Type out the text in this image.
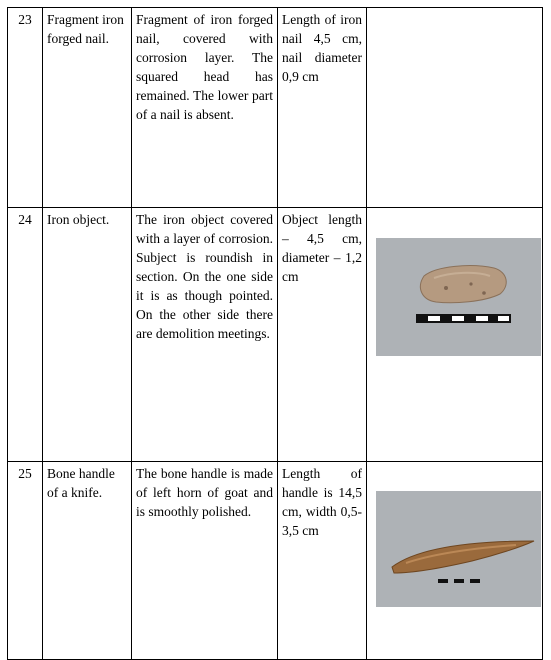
23	Fragment iron forged nail.	Fragment of iron forged nail, covered with corrosion layer. The squared head has remained. The lower part of a nail is absent.	Length of iron nail 4,5 cm, nail diameter 0,9 cm	
24	Iron object.	The iron object covered with a layer of corrosion. Subject is roundish in section. On the one side it is as though pointed. On the other side there are demolition meetings.	Object length – 4,5 cm, diameter – 1,2 cm	

25	Bone handle of a knife.	The bone handle is made of left horn of goat and is smoothly polished.	Length of handle is 14,5 cm, width 0,5-3,5 cm	
